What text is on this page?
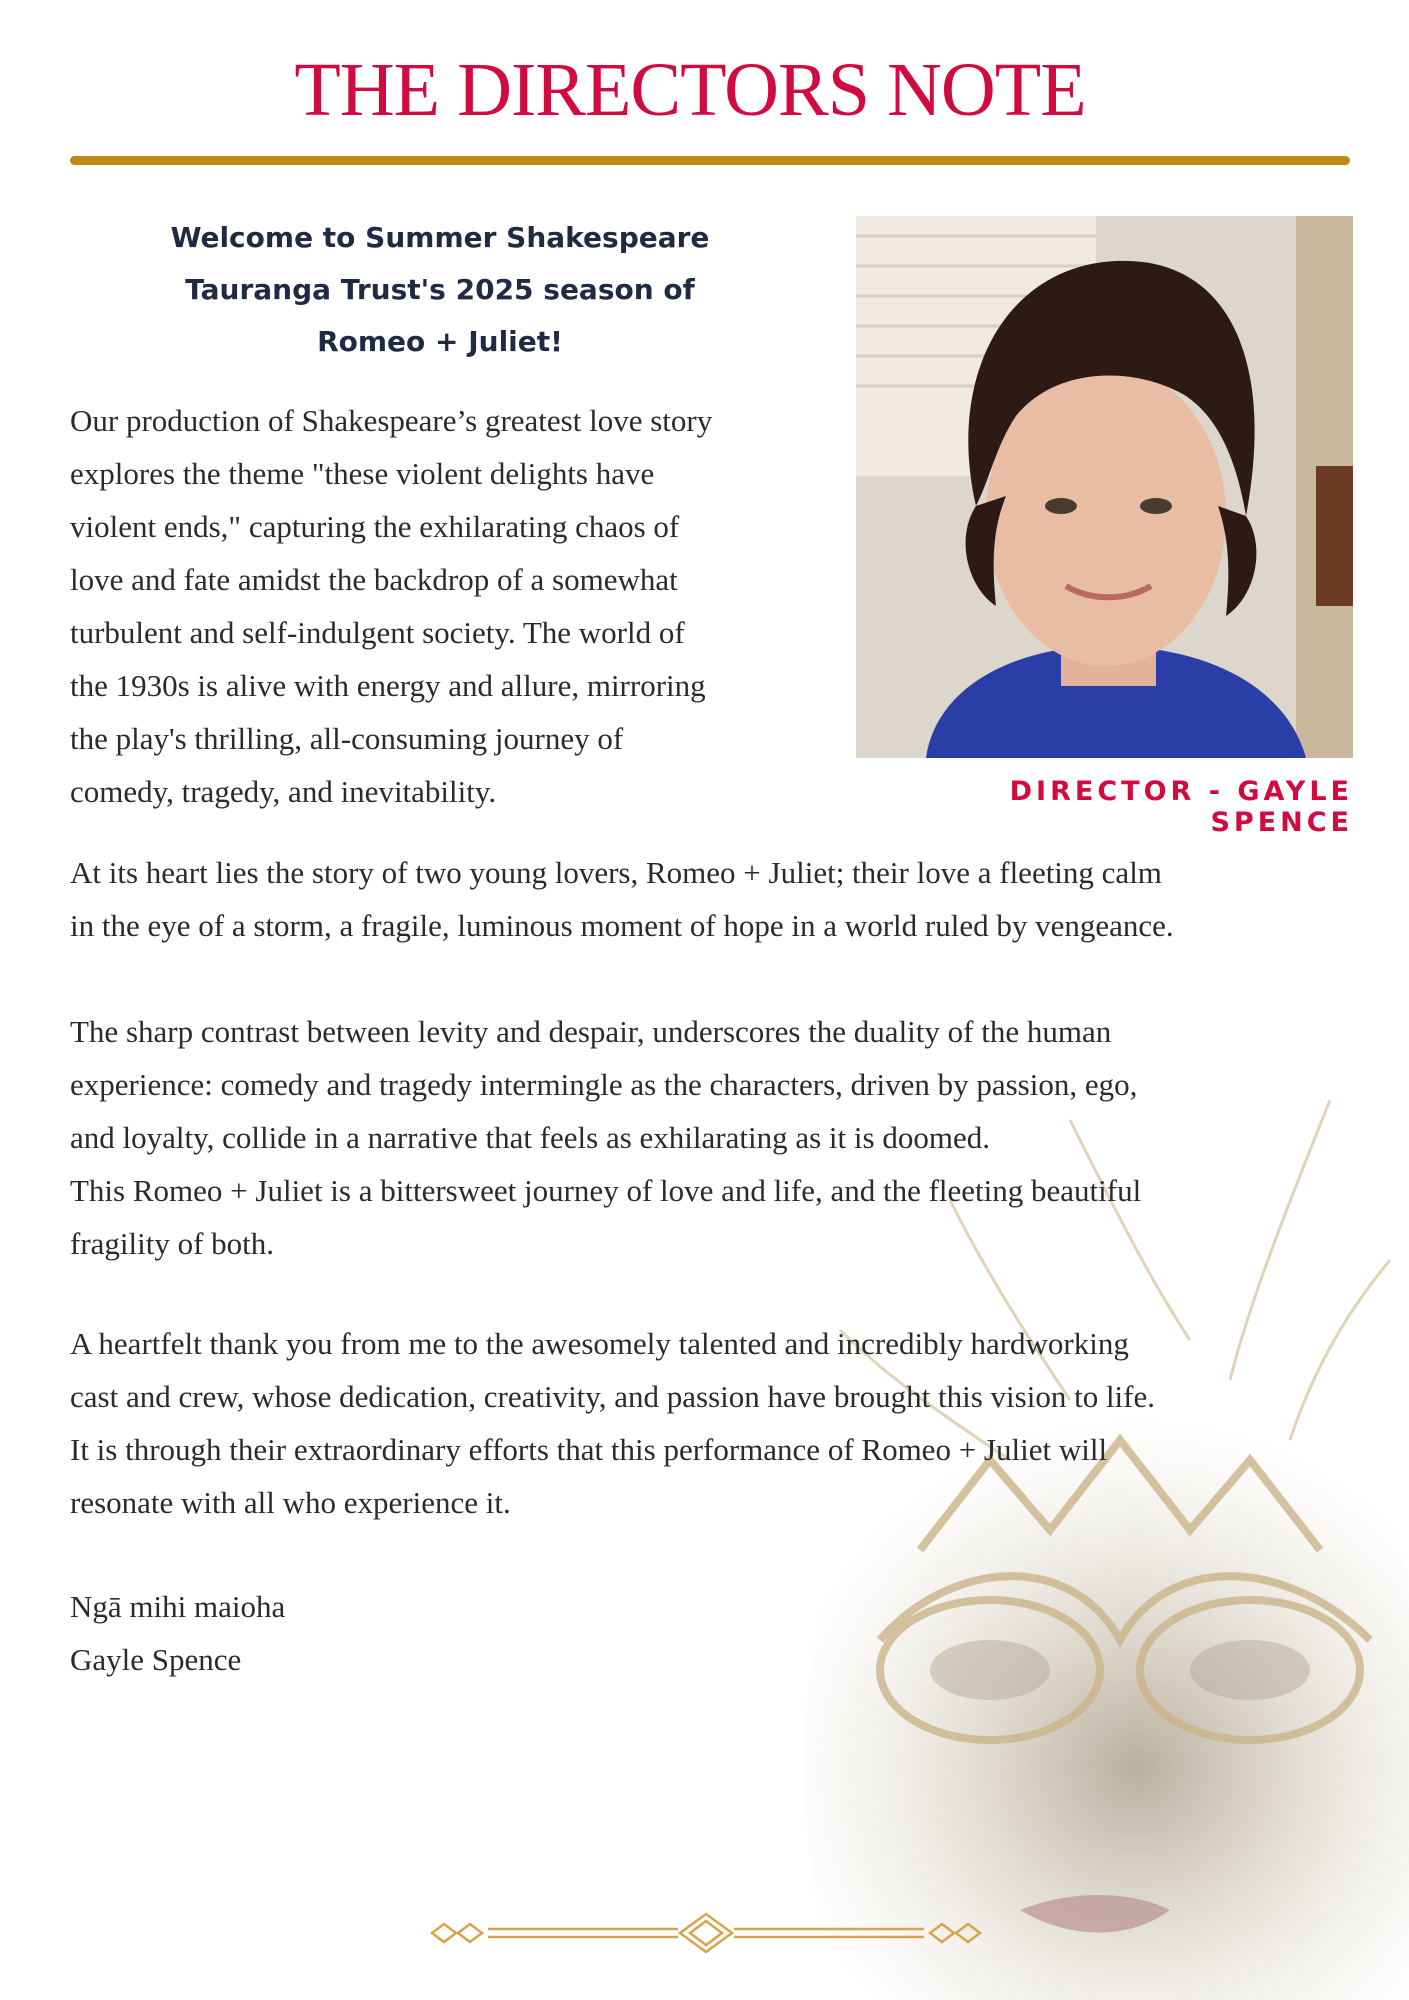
THE DIRECTORS NOTE
Welcome to Summer Shakespeare
Tauranga Trust's 2025 season of
Romeo + Juliet!
Our production of Shakespeare’s greatest love story
explores the theme "these violent delights have
violent ends," capturing the exhilarating chaos of
love and fate amidst the backdrop of a somewhat
turbulent and self-indulgent society. The world of
the 1930s is alive with energy and allure, mirroring
the play's thrilling, all-consuming journey of
comedy, tragedy, and inevitability.	DIRECTOR - GAYLE SPENCE

At its heart lies the story of two young lovers, Romeo + Juliet; their love a fleeting calm
in the eye of a storm, a fragile, luminous moment of hope in a world ruled by vengeance.
The sharp contrast between levity and despair, underscores the duality of the human
experience: comedy and tragedy intermingle as the characters, driven by passion, ego,
and loyalty, collide in a narrative that feels as exhilarating as it is doomed.
This Romeo + Juliet is a bittersweet journey of love and life, and the fleeting beautiful
fragility of both.
A heartfelt thank you from me to the awesomely talented and incredibly hardworking
cast and crew, whose dedication, creativity, and passion have brought this vision to life.
It is through their extraordinary efforts that this performance of Romeo + Juliet will
resonate with all who experience it.
Ngā mihi maioha
Gayle Spence
